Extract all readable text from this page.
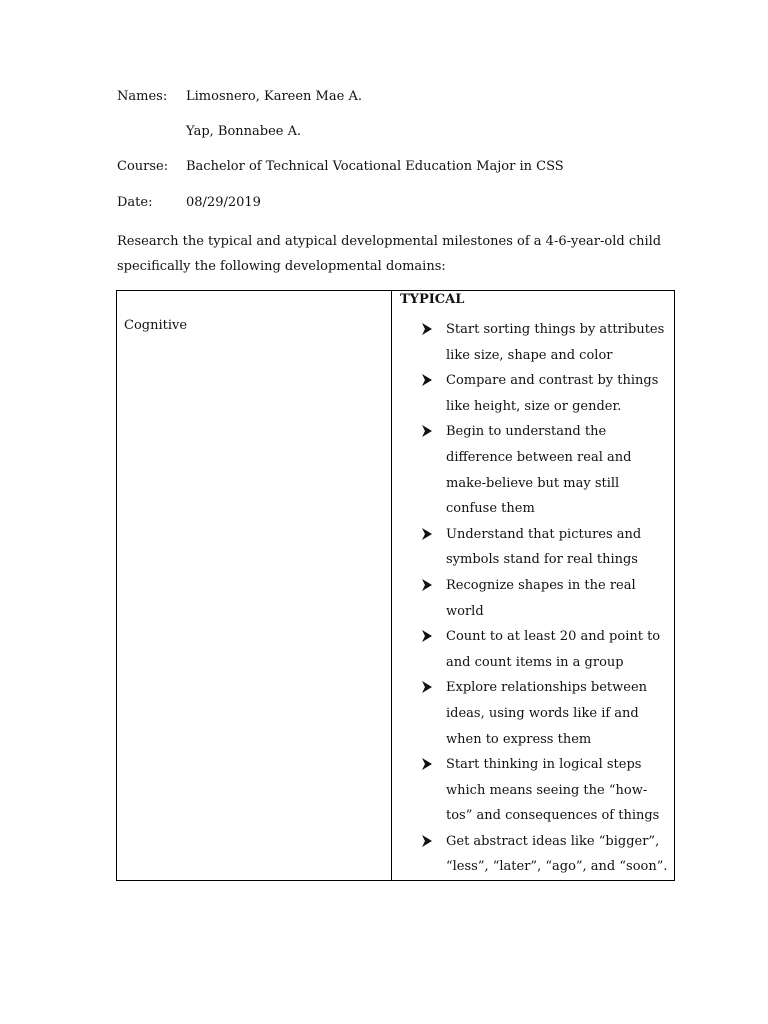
Names: Limosnero, Kareen Mae A.
Yap, Bonnabee A.
Course: Bachelor of Technical Vocational Education Major in CSS
Date:	08/29/2019
Research the typical and atypical developmental milestones of a 4-6-year-old child specifically the following developmental domains:
Cognitive
TYPICAL
Start sorting things by attributes like size, shape and color
Compare and contrast by things like height, size or gender.
Begin to understand the difference between real and make-believe but may still confuse them
Understand that pictures and symbols stand for real things
Recognize shapes in the real world
Count to at least 20 and point to and count items in a group
Explore relationships between ideas, using words like if and when to express them
Start thinking in logical steps which means seeing the “how-tos” and consequences of things
Get abstract ideas like “bigger”, “less”, “later”, “ago”, and “soon”.
